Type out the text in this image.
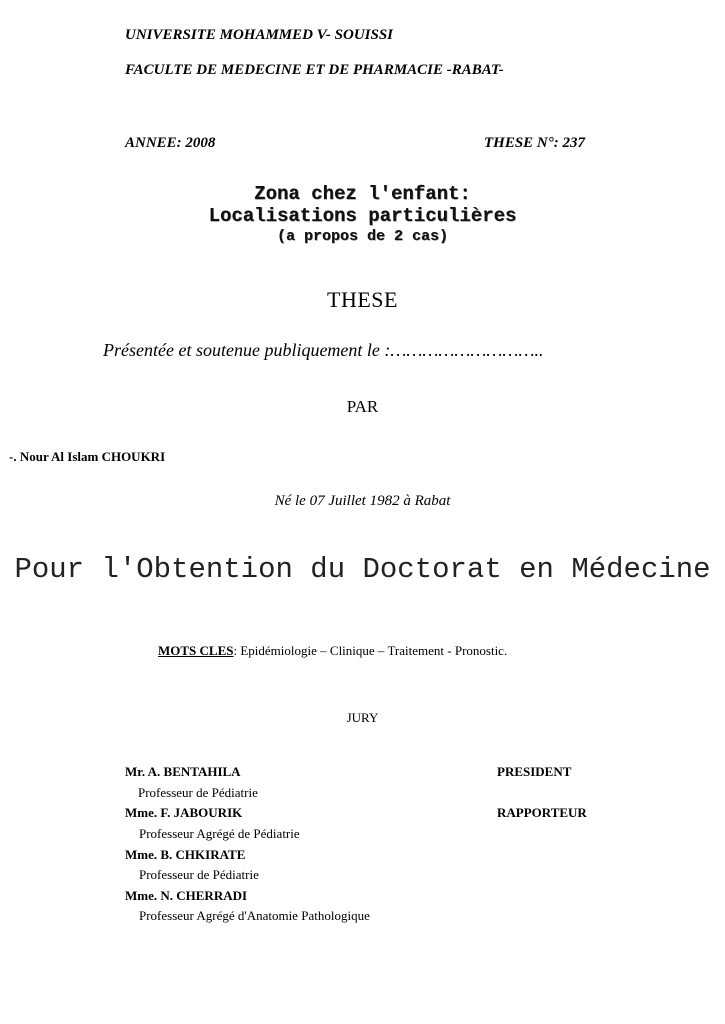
UNIVERSITE MOHAMMED V- SOUISSI
FACULTE DE MEDECINE ET DE PHARMACIE -RABAT-
ANNEE: 2008	THESE N°: 237
Zona chez l'enfant:
Localisations particulières
(a propos de 2 cas)
THESE
Présentée et soutenue publiquement le :………………………..
PAR
-. Nour Al Islam CHOUKRI
Né le 07 Juillet 1982 à Rabat
Pour l'Obtention du Doctorat en Médecine
MOTS CLES: Epidémiologie – Clinique – Traitement - Pronostic.
JURY
Mr. A. BENTAHILA	PRESIDENT
Professeur de Pédiatrie
Mme. F. JABOURIK	RAPPORTEUR
Professeur Agrégé de Pédiatrie
Mme. B. CHKIRATE
Professeur de Pédiatrie
Mme. N. CHERRADI
Professeur Agrégé d'Anatomie Pathologique
